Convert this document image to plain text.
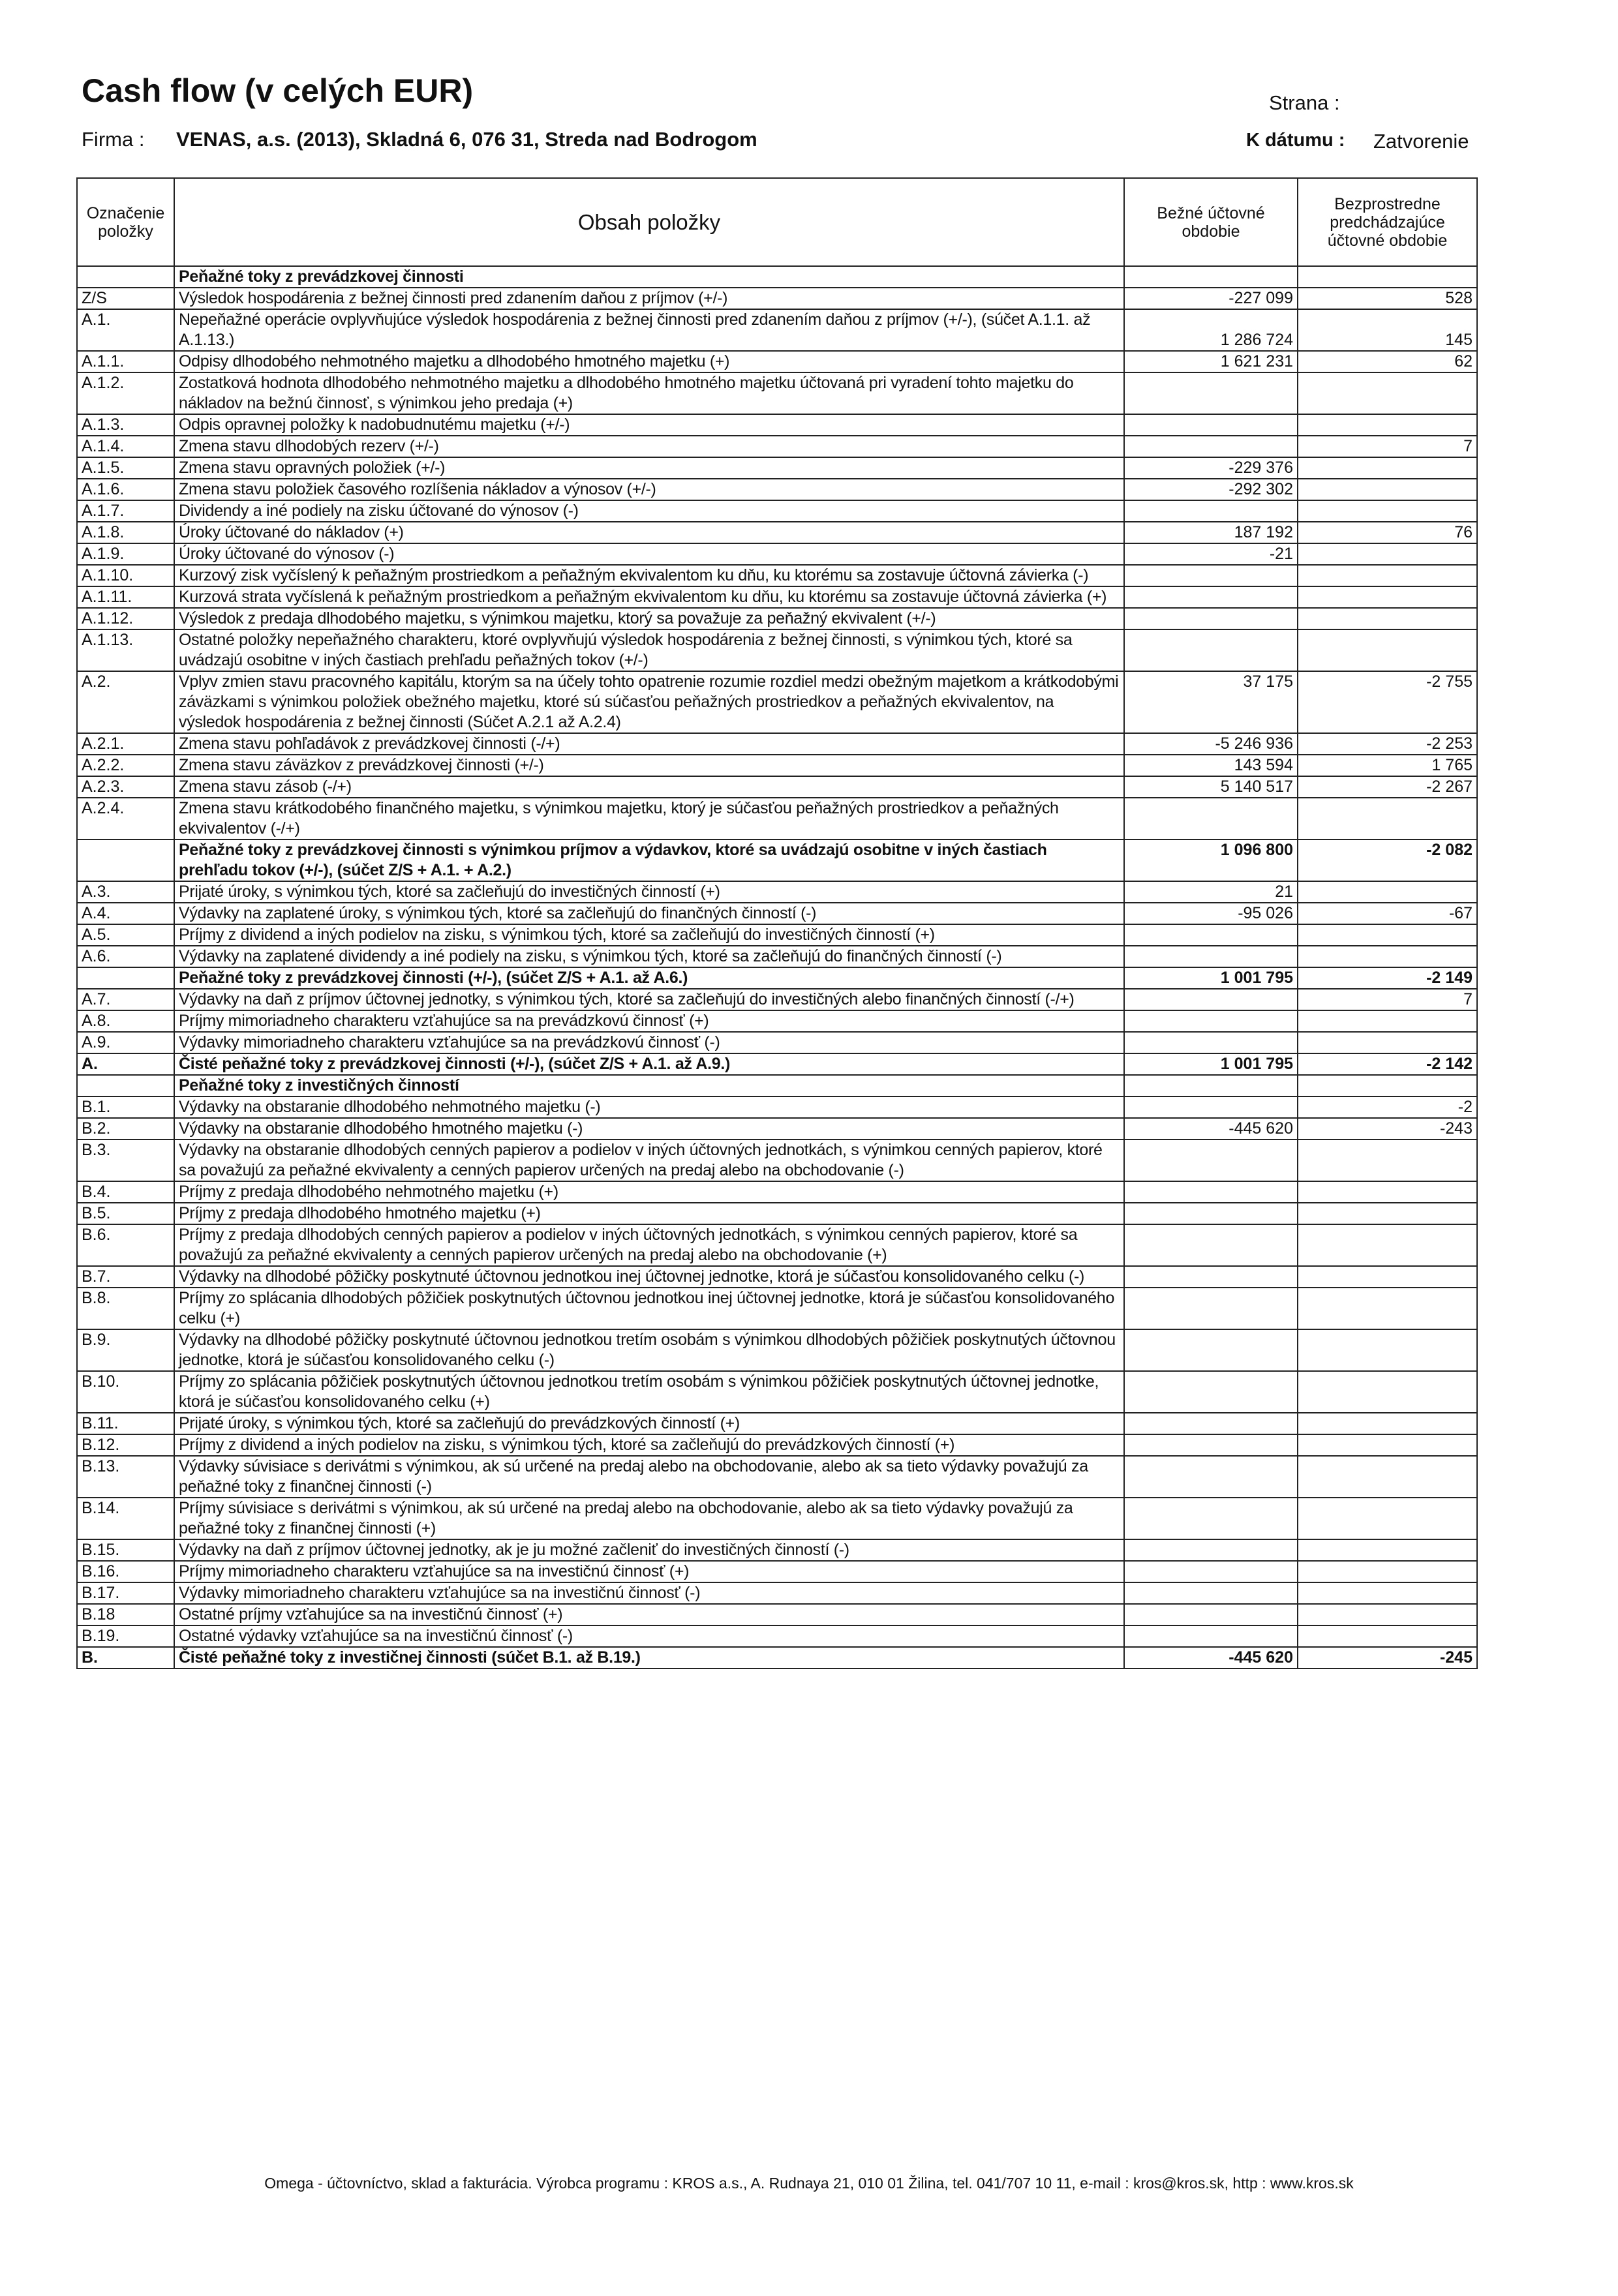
Cash flow (v celých EUR)	Strana :
Firma : VENAS, a.s. (2013), Skladná 6, 076 31, Streda nad Bodrogom	K dátumu : Zatvorenie
Označenie položky	Obsah položky	Bežné účtovné obdobie	Bezprostredne predchádzajúce účtovné obdobie
	Peňažné toky z prevádzkovej činnosti		
Z/S	Výsledok hospodárenia z bežnej činnosti pred zdanením daňou z príjmov (+/-)	-227 099	528
A.1.	Nepeňažné operácie ovplyvňujúce výsledok hospodárenia z bežnej činnosti pred zdanením daňou z príjmov (+/-), (súčet A.1.1. až A.1.13.)	1 286 724	145
A.1.1.	Odpisy dlhodobého nehmotného majetku a dlhodobého hmotného majetku (+)	1 621 231	62
A.1.2.	Zostatková hodnota dlhodobého nehmotného majetku a dlhodobého hmotného majetku účtovaná pri vyradení tohto majetku do nákladov na bežnú činnosť, s výnimkou jeho predaja (+)		
A.1.3.	Odpis opravnej položky k nadobudnutému majetku (+/-)		
A.1.4.	Zmena stavu dlhodobých rezerv (+/-)		7
A.1.5.	Zmena stavu opravných položiek (+/-)	-229 376	
A.1.6.	Zmena stavu položiek časového rozlíšenia nákladov a výnosov (+/-)	-292 302	
A.1.7.	Dividendy a iné podiely na zisku účtované do výnosov (-)		
A.1.8.	Úroky účtované do nákladov (+)	187 192	76
A.1.9.	Úroky účtované do výnosov (-)	-21	
A.1.10.	Kurzový zisk vyčíslený k peňažným prostriedkom a peňažným ekvivalentom ku dňu, ku ktorému sa zostavuje účtovná závierka (-)		
A.1.11.	Kurzová strata vyčíslená k peňažným prostriedkom a peňažným ekvivalentom ku dňu, ku ktorému sa zostavuje účtovná závierka (+)		
A.1.12.	Výsledok z predaja dlhodobého majetku, s výnimkou majetku, ktorý sa považuje za peňažný ekvivalent (+/-)		
A.1.13.	Ostatné položky nepeňažného charakteru, ktoré ovplyvňujú výsledok hospodárenia z bežnej činnosti, s výnimkou tých, ktoré sa uvádzajú osobitne v iných častiach prehľadu peňažných tokov (+/-)		
A.2.	Vplyv zmien stavu pracovného kapitálu, ktorým sa na účely tohto opatrenie rozumie rozdiel medzi obežným majetkom a krátkodobými záväzkami s výnimkou položiek obežného majetku, ktoré sú súčasťou peňažných prostriedkov a peňažných ekvivalentov, na výsledok hospodárenia z bežnej činnosti (Súčet A.2.1 až A.2.4)	37 175	-2 755
A.2.1.	Zmena stavu pohľadávok z prevádzkovej činnosti (-/+)	-5 246 936	-2 253
A.2.2.	Zmena stavu záväzkov z prevádzkovej činnosti (+/-)	143 594	1 765
A.2.3.	Zmena stavu zásob (-/+)	5 140 517	-2 267
A.2.4.	Zmena stavu krátkodobého finančného majetku, s výnimkou majetku, ktorý je súčasťou peňažných prostriedkov a peňažných ekvivalentov (-/+)		
	Peňažné toky z prevádzkovej činnosti s výnimkou príjmov a výdavkov, ktoré sa uvádzajú osobitne v iných častiach prehľadu tokov (+/-), (súčet Z/S + A.1. + A.2.)	1 096 800	-2 082
A.3.	Prijaté úroky, s výnimkou tých, ktoré sa začleňujú do investičných činností (+)	21	
A.4.	Výdavky na zaplatené úroky, s výnimkou tých, ktoré sa začleňujú do finančných činností (-)	-95 026	-67
A.5.	Príjmy z dividend a iných podielov na zisku, s výnimkou tých, ktoré sa začleňujú do investičných činností (+)		
A.6.	Výdavky na zaplatené dividendy a iné podiely na zisku, s výnimkou tých, ktoré sa začleňujú do finančných činností (-)		
	Peňažné toky z prevádzkovej činnosti (+/-), (súčet Z/S + A.1. až A.6.)	1 001 795	-2 149
A.7.	Výdavky na daň z príjmov účtovnej jednotky, s výnimkou tých, ktoré sa začleňujú do investičných alebo finančných činností (-/+)		7
A.8.	Príjmy mimoriadneho charakteru vzťahujúce sa na prevádzkovú činnosť (+)		
A.9.	Výdavky mimoriadneho charakteru vzťahujúce sa na prevádzkovú činnosť (-)		
A.	Čisté peňažné toky z prevádzkovej činnosti (+/-), (súčet Z/S + A.1. až A.9.)	1 001 795	-2 142
	Peňažné toky z investičných činností		
B.1.	Výdavky na obstaranie dlhodobého nehmotného majetku (-)		-2
B.2.	Výdavky na obstaranie dlhodobého hmotného majetku (-)	-445 620	-243
B.3.	Výdavky na obstaranie dlhodobých cenných papierov a podielov v iných účtovných jednotkách, s výnimkou cenných papierov, ktoré sa považujú za peňažné ekvivalenty a cenných papierov určených na predaj alebo na obchodovanie (-)		
B.4.	Príjmy z predaja dlhodobého nehmotného majetku (+)		
B.5.	Príjmy z predaja dlhodobého hmotného majetku (+)		
B.6.	Príjmy z predaja dlhodobých cenných papierov a podielov v iných účtovných jednotkách, s výnimkou cenných papierov, ktoré sa považujú za peňažné ekvivalenty a cenných papierov určených na predaj alebo na obchodovanie (+)		
B.7.	Výdavky na dlhodobé pôžičky poskytnuté účtovnou jednotkou inej účtovnej jednotke, ktorá je súčasťou konsolidovaného celku (-)		
B.8.	Príjmy zo splácania dlhodobých pôžičiek poskytnutých účtovnou jednotkou inej účtovnej jednotke, ktorá je súčasťou konsolidovaného celku (+)		
B.9.	Výdavky na dlhodobé pôžičky poskytnuté účtovnou jednotkou tretím osobám s výnimkou dlhodobých pôžičiek poskytnutých účtovnou jednotke, ktorá je súčasťou konsolidovaného celku (-)		
B.10.	Príjmy zo splácania pôžičiek poskytnutých účtovnou jednotkou tretím osobám s výnimkou pôžičiek poskytnutých účtovnej jednotke, ktorá je súčasťou konsolidovaného celku (+)		
B.11.	Prijaté úroky, s výnimkou tých, ktoré sa začleňujú do prevádzkových činností (+)		
B.12.	Príjmy z dividend a iných podielov na zisku, s výnimkou tých, ktoré sa začleňujú do prevádzkových činností (+)		
B.13.	Výdavky súvisiace s derivátmi s výnimkou, ak sú určené na predaj alebo na obchodovanie, alebo ak sa tieto výdavky považujú za peňažné toky z finančnej činnosti (-)		
B.14.	Príjmy súvisiace s derivátmi s výnimkou, ak sú určené na predaj alebo na obchodovanie, alebo ak sa tieto výdavky považujú za peňažné toky z finančnej činnosti (+)		
B.15.	Výdavky na daň z príjmov účtovnej jednotky, ak je ju možné začleniť do investičných činností (-)		
B.16.	Príjmy mimoriadneho charakteru vzťahujúce sa na investičnú činnosť (+)		
B.17.	Výdavky mimoriadneho charakteru vzťahujúce sa na investičnú činnosť (-)		
B.18	Ostatné príjmy vzťahujúce sa na investičnú činnosť (+)		
B.19.	Ostatné výdavky vzťahujúce sa na investičnú činnosť (-)		
B.	Čisté peňažné toky z investičnej činnosti (súčet B.1. až B.19.)	-445 620	-245
Omega - účtovníctvo, sklad a fakturácia. Výrobca programu : KROS a.s., A. Rudnaya 21, 010 01 Žilina, tel. 041/707 10 11, e-mail : kros@kros.sk, http : www.kros.sk
